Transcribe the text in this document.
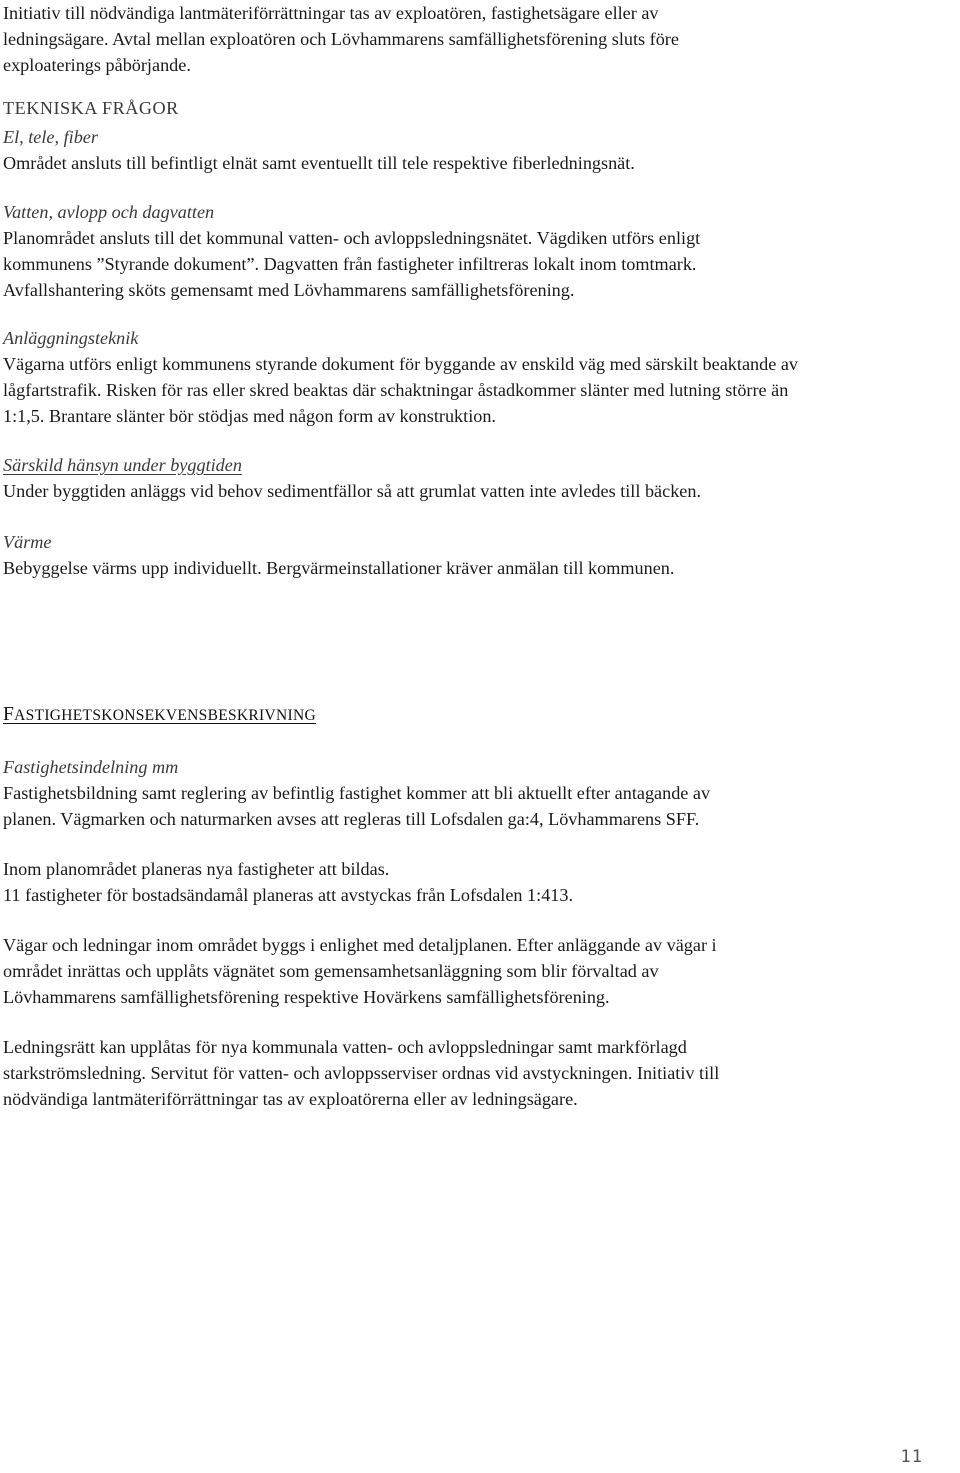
Initiativ till nödvändiga lantmäteriförrättningar tas av exploatören, fastighetsägare eller av

ledningsägare. Avtal mellan exploatören och Lövhammarens samfällighetsförening sluts före

exploaterings påbörjande.

TEKNISKA FRÅGOR

El, tele, fiber

Området ansluts till befintligt elnät samt eventuellt till tele respektive fiberledningsnät.

Vatten, avlopp och dagvatten

Planområdet ansluts till det kommunal vatten- och avloppsledningsnätet. Vägdiken utförs enligt

kommunens ”Styrande dokument”. Dagvatten från fastigheter infiltreras lokalt inom tomtmark.

Avfallshantering sköts gemensamt med Lövhammarens samfällighetsförening.

Anläggningsteknik

Vägarna utförs enligt kommunens styrande dokument för byggande av enskild väg med särskilt beaktande av

lågfartstrafik. Risken för ras eller skred beaktas där schaktningar åstadkommer slänter med lutning större än

1:1,5. Brantare slänter bör stödjas med någon form av konstruktion.

Särskild hänsyn under byggtiden

Under byggtiden anläggs vid behov sedimentfällor så att grumlat vatten inte avledes till bäcken.

Värme

Bebyggelse värms upp individuellt. Bergvärmeinstallationer kräver anmälan till kommunen.

FASTIGHETSKONSEKVENSBESKRIVNING

Fastighetsindelning mm

Fastighetsbildning samt reglering av befintlig fastighet kommer att bli aktuellt efter antagande av

planen. Vägmarken och naturmarken avses att regleras till Lofsdalen ga:4, Lövhammarens SFF.

Inom planområdet planeras nya fastigheter att bildas.

11 fastigheter för bostadsändamål planeras att avstyckas från Lofsdalen 1:413.

Vägar och ledningar inom området byggs i enlighet med detaljplanen. Efter anläggande av vägar i

området inrättas och upplåts vägnätet som gemensamhetsanläggning som blir förvaltad av

Lövhammarens samfällighetsförening respektive Hovärkens samfällighetsförening.

Ledningsrätt kan upplåtas för nya kommunala vatten- och avloppsledningar samt markförlagd

starkströmsledning. Servitut för vatten- och avloppsserviser ordnas vid avstyckningen. Initiativ till

nödvändiga lantmäteriförrättningar tas av exploatörerna eller av ledningsägare.

11
